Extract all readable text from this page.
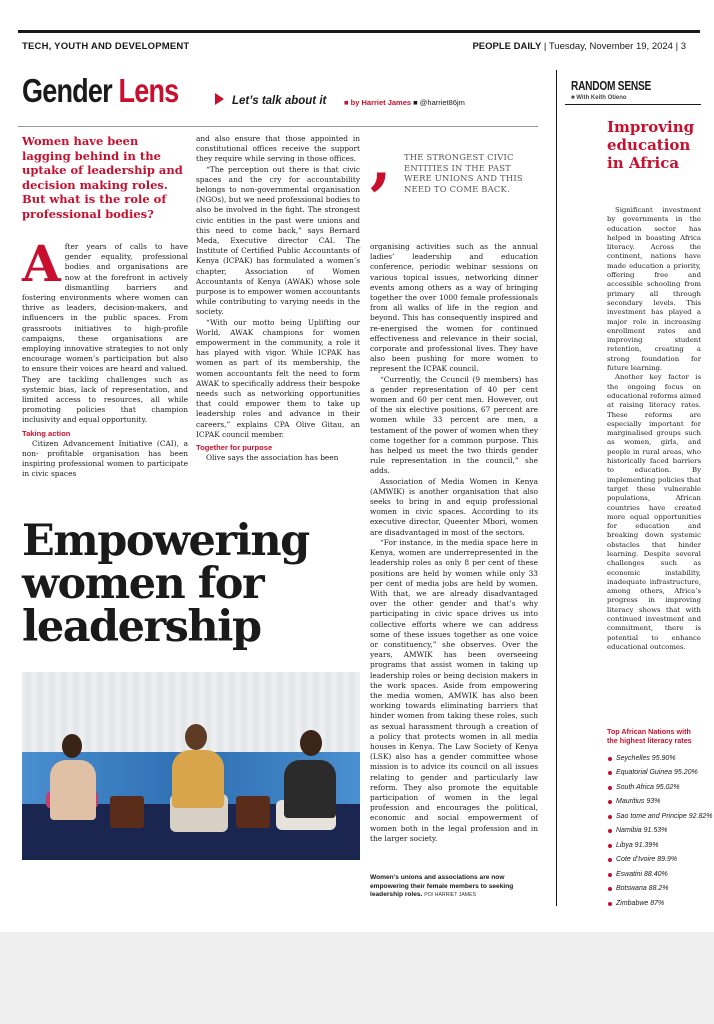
TECH, YOUTH AND DEVELOPMENT	PEOPLE DAILY | Tuesday, November 19, 2024 | 3
Gender Lens	Let’s talk about it ■ by Harriet James ■ @harriet86jm
Women have been lagging behind in the uptake of leadership and decision making roles. But what is the role of professional bodies?

After years of calls to have gender equality, professional bodies and organisations are now at the forefront in actively dismantling barriers and fostering environments where women can thrive as leaders, decision-makers, and influencers in the public spaces. From grassroots initiatives to high-profile campaigns, these organisations are employing innovative strategies to not only encourage women’s participation but also to ensure their voices are heard and valued. They are tackling challenges such as systemic bias, lack of representation, and limited access to resources, all while promoting policies that champion inclusivity and equal opportunity.

Taking action

Citizen Advancement Initiative (CAI), a non- profitable organisation has been inspiring professional women to participate in civic spaces

and also ensure that those appointed in constitutional offices receive the support they require while serving in those offices.

“The perception out there is that civic spaces and the cry for accountability belongs to non-governmental organisation (NGOs), but we need professional bodies to also be involved in the fight. The strongest civic entities in the past were unions and this need to come back,” says Bernard Meda, Executive director CAI. The Institute of Certified Public Accountants of Kenya (ICPAK) has formulated a women’s chapter, Association of Women Accountants of Kenya (AWAK) whose sole purpose is to empower women accountants while contributing to varying needs in the society.

“With our motto being Uplifting our World, AWAK champions for women empowerment in the community, a role it has played with vigor. While ICPAK has women as part of its membership, the women accountants felt the need to form AWAK to specifically address their bespoke needs such as networking opportunities that could empower them to take up leadership roles and advance in their careers,” explains CPA Olive Gitau, an ICPAK council member.

Together for purpose

Olive says the association has been

, THE STRONGEST CIVIC ENTITIES IN THE PAST WERE UNIONS AND THIS NEED TO COME BACK.

organising activities such as the annual ladies’ leadership and education conference, periodic webinar sessions on various topical issues, networking dinner events among others as a way of bringing together the over 1000 female professionals from all walks of life in the region and beyond. This has consequently inspired and re-energised the women for continued effectiveness and relevance in their social, corporate and professional lives. They have also been pushing for more women to represent the ICPAK council.

“Currently, the Ccuncil (9 members) has a gender representation of 40 per cent women and 60 per cent men. However, out of the six elective positions, 67 percent are women while 33 percent are men, a testament of the power of women when they come together for a common purpose. This has helped us meet the two thirds gender rule representation in the council,” she adds.

Association of Media Women in Kenya (AMWIK) is another organisation that also seeks to bring in and equip professional women in civic spaces. According to its executive director, Queenter Mbori, women are disadvantaged in most of the sectors.

“For instance, in the media space here in Kenya, women are underrepresented in the leadership roles as only 8 per cent of these positions are held by women while only 33 per cent of media jobs are held by women. With that, we are already disadvantaged over the other gender and that’s why participating in civic space drives us into collective efforts where we can address some of these issues together as one voice or constituency,” she observes. Over the years, AMWIK has been overseeing programs that assist women in taking up leadership roles or being decision makers in the work spaces. Aside from empowering the media women, AMWIK has also been working towards eliminating barriers that hinder women from taking these roles, such as sexual harassment through a creation of a policy that protects women in all media houses in Kenya. The Law Society of Kenya (LSK) also has a gender committee whose mission is to advice its council on all issues relating to gender and particularly law reform. They also promote the equitable participation of women in the legal profession and encourages the political, economic and social empowerment of women both in the legal profession and in the larger society.

Empowering women for leadership
Women’s unions and associations are now empowering their female members to seeking leadership roles. PO/ HARRIET JAMES
RANDOM SENSE
■ With Keith Otieno
Improving education in Africa

Significant investment by governments in the education sector has helped in boasting Africa literacy. Across the continent, nations have made education a priority, offering free and accessible schooling from primary all through secondary levels. This investment has played a major role in increasing enrollment rates and improving student retention, creating a strong foundation for future learning.

Another key factor is the ongoing focus on educational reforms aimed at raising literacy rates. These reforms are especially important for marginalised groups such as women, girls, and people in rural areas, who historically faced barriers to education. By implementing policies that target these vulnerable populations, African countries have created more equal opportunities for education and breaking down systemic obstacles that hinder learning. Despite several challenges such as economic instability, inadequate infrastructure, among others, Africa’s progress in improving literacy shows that with continued investment and commitment, there is potential to enhance educational outcomes.

Top African Nations with the highest literacy rates
Seychelles 95.90%
Equatorial Guinea 95.20%
South Africa 95.02%
Mauritius 93%
Sao tome and Principe 92.82%
Namibia 91.53%
Libya 91.39%
Cote d’Ivoire 89.9%
Eswatini 88.40%
Botswana 88.2%
Zimbabwe 87%
